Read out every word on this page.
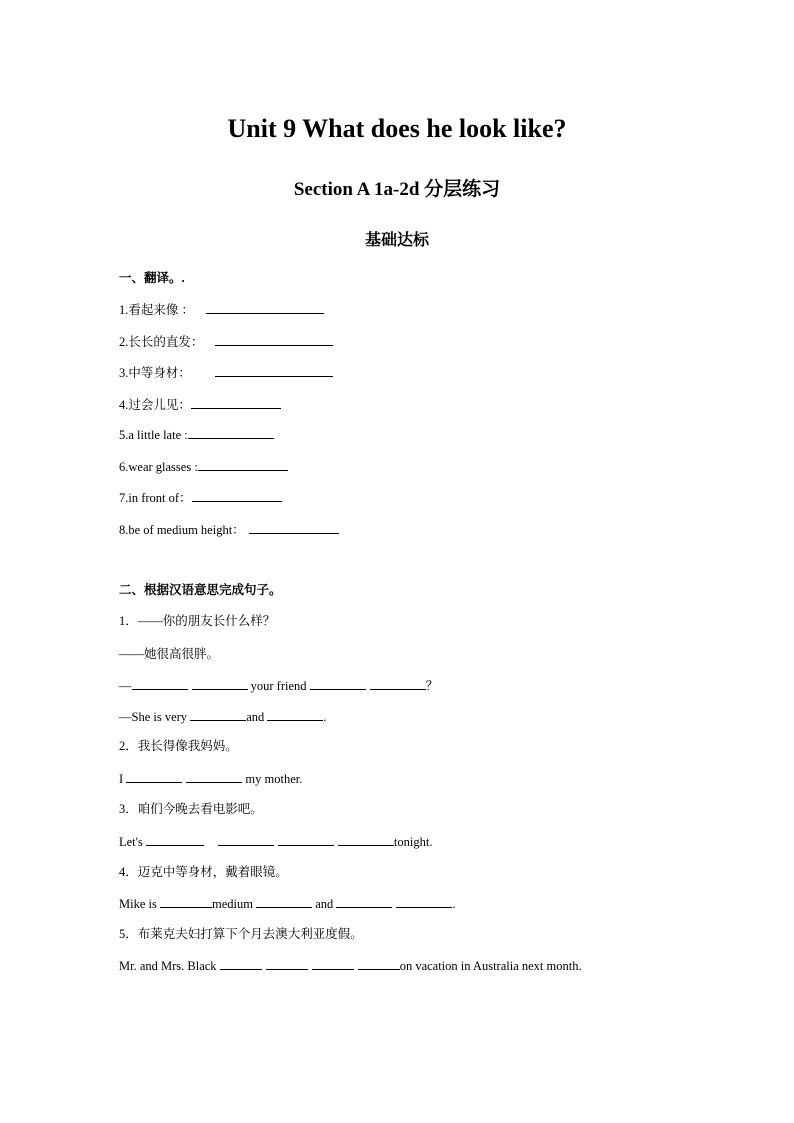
Unit 9 What does he look like?
Section A 1a-2d 分层练习
基础达标
一、翻译。.
1.看起来像 ：
2.长长的直发：
3.中等身材：
4.过会儿见：
5.a little late :
6.wear glasses :
7.in front of：
8.be of medium height：
二、根据汉语意思完成句子。
1．——你的朋友长什么样？
——她很高很胖。
—	your friend	？
—She is very	and	.
2．我长得像我妈妈。
I	my mother.
3．咱们今晚去看电影吧。
Let's	tonight.
4．迈克中等身材，戴着眼镜。
Mike is	medium	and	.
5．布莱克夫妇打算下个月去澳大利亚度假。
Mr. and Mrs. Black	on vacation in Australia next month.
